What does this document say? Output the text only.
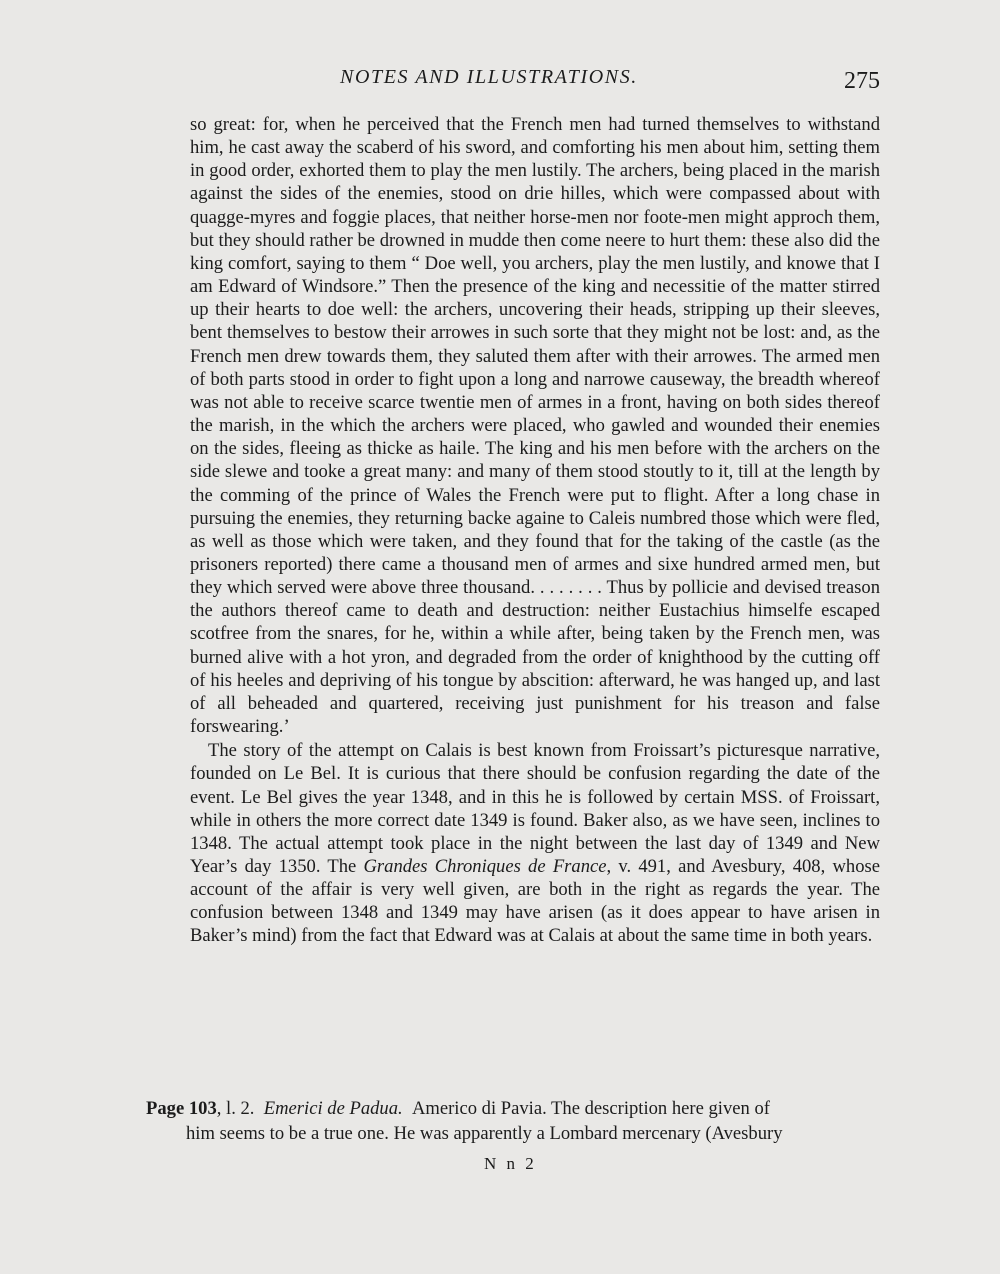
NOTES AND ILLUSTRATIONS.	275

so great: for, when he perceived that the French men had turned themselves to withstand him, he cast away the scaberd of his sword, and comforting his men about him, setting them in good order, exhorted them to play the men lustily. The archers, being placed in the marish against the sides of the enemies, stood on drie hilles, which were compassed about with quagge-myres and foggie places, that neither horse-men nor foote-men might approch them, but they should rather be drowned in mudde then come neere to hurt them: these also did the king comfort, saying to them “ Doe well, you archers, play the men lustily, and knowe that I am Edward of Windsore.” Then the presence of the king and necessitie of the matter stirred up their hearts to doe well: the archers, uncovering their heads, stripping up their sleeves, bent themselves to bestow their arrowes in such sorte that they might not be lost: and, as the French men drew towards them, they saluted them after with their arrowes. The armed men of both parts stood in order to fight upon a long and narrowe causeway, the breadth whereof was not able to receive scarce twentie men of armes in a front, having on both sides thereof the marish, in the which the archers were placed, who gawled and wounded their enemies on the sides, fleeing as thicke as haile. The king and his men before with the archers on the side slewe and tooke a great many: and many of them stood stoutly to it, till at the length by the comming of the prince of Wales the French were put to flight. After a long chase in pursuing the enemies, they returning backe againe to Caleis numbred those which were fled, as well as those which were taken, and they found that for the taking of the castle (as the prisoners reported) there came a thousand men of armes and sixe hundred armed men, but they which served were above three thousand. . . . . . . . Thus by pollicie and devised treason the authors thereof came to death and destruction: neither Eustachius himselfe escaped scotfree from the snares, for he, within a while after, being taken by the French men, was burned alive with a hot yron, and degraded from the order of knighthood by the cutting off of his heeles and depriving of his tongue by abscition: afterward, he was hanged up, and last of all beheaded and quartered, receiving just punishment for his treason and false forswearing.’

The story of the attempt on Calais is best known from Froissart’s picturesque narrative, founded on Le Bel. It is curious that there should be confusion regarding the date of the event. Le Bel gives the year 1348, and in this he is followed by certain MSS. of Froissart, while in others the more correct date 1349 is found. Baker also, as we have seen, inclines to 1348. The actual attempt took place in the night between the last day of 1349 and New Year’s day 1350. The Grandes Chroniques de France, v. 491, and Avesbury, 408, whose account of the affair is very well given, are both in the right as regards the year. The confusion between 1348 and 1349 may have arisen (as it does appear to have arisen in Baker’s mind) from the fact that Edward was at Calais at about the same time in both years.

Page 103, l. 2. Emerici de Padua. Americo di Pavia. The description here given of
him seems to be a true one. He was apparently a Lombard mercenary (Avesbury
N n 2
